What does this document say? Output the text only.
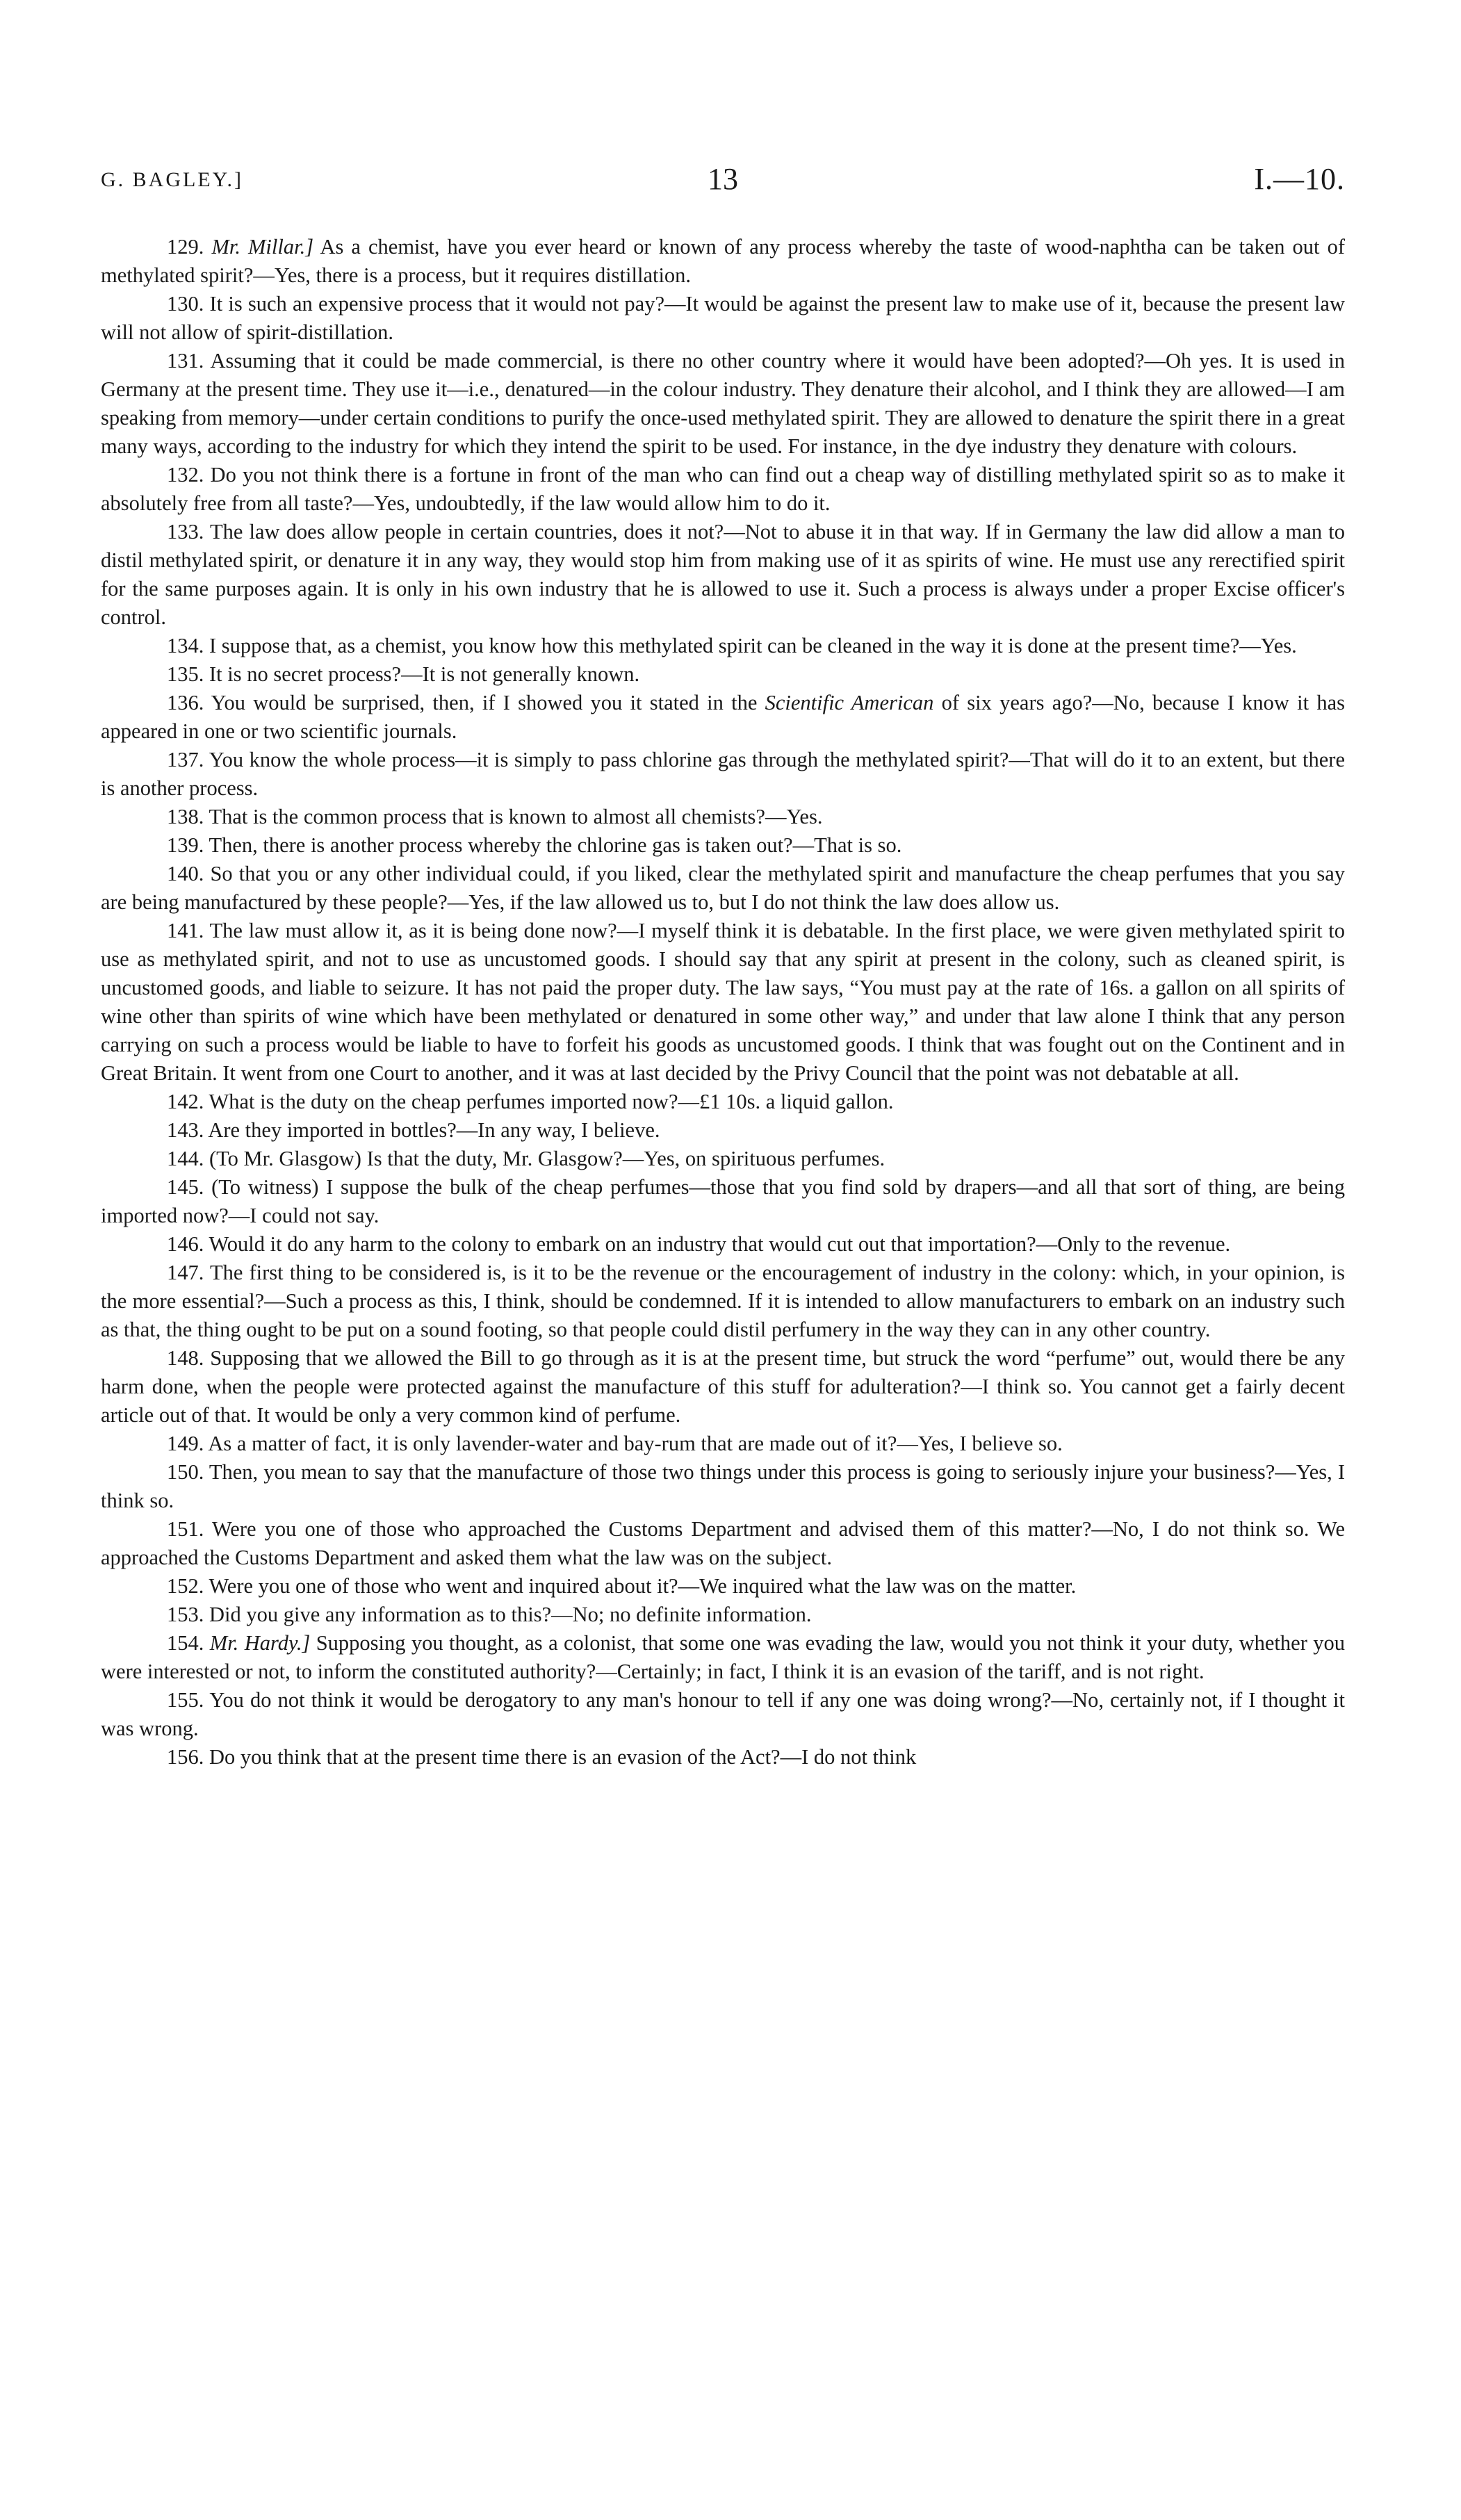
G. BAGLEY.]	13	I.—10.

129. Mr. Millar.] As a chemist, have you ever heard or known of any process whereby the taste of wood-naphtha can be taken out of methylated spirit?—Yes, there is a process, but it requires distillation.

130. It is such an expensive process that it would not pay?—It would be against the present law to make use of it, because the present law will not allow of spirit-distillation.

131. Assuming that it could be made commercial, is there no other country where it would have been adopted?—Oh yes. It is used in Germany at the present time. They use it—i.e., denatured—in the colour industry. They denature their alcohol, and I think they are allowed—I am speaking from memory—under certain conditions to purify the once-used methylated spirit. They are allowed to denature the spirit there in a great many ways, according to the industry for which they intend the spirit to be used. For instance, in the dye industry they denature with colours.

132. Do you not think there is a fortune in front of the man who can find out a cheap way of distilling methylated spirit so as to make it absolutely free from all taste?—Yes, undoubtedly, if the law would allow him to do it.

133. The law does allow people in certain countries, does it not?—Not to abuse it in that way. If in Germany the law did allow a man to distil methylated spirit, or denature it in any way, they would stop him from making use of it as spirits of wine. He must use any rerectified spirit for the same purposes again. It is only in his own industry that he is allowed to use it. Such a process is always under a proper Excise officer's control.

134. I suppose that, as a chemist, you know how this methylated spirit can be cleaned in the way it is done at the present time?—Yes.

135. It is no secret process?—It is not generally known.

136. You would be surprised, then, if I showed you it stated in the Scientific American of six years ago?—No, because I know it has appeared in one or two scientific journals.

137. You know the whole process—it is simply to pass chlorine gas through the methylated spirit?—That will do it to an extent, but there is another process.

138. That is the common process that is known to almost all chemists?—Yes.

139. Then, there is another process whereby the chlorine gas is taken out?—That is so.

140. So that you or any other individual could, if you liked, clear the methylated spirit and manufacture the cheap perfumes that you say are being manufactured by these people?—Yes, if the law allowed us to, but I do not think the law does allow us.

141. The law must allow it, as it is being done now?—I myself think it is debatable. In the first place, we were given methylated spirit to use as methylated spirit, and not to use as uncustomed goods. I should say that any spirit at present in the colony, such as cleaned spirit, is uncustomed goods, and liable to seizure. It has not paid the proper duty. The law says, “You must pay at the rate of 16s. a gallon on all spirits of wine other than spirits of wine which have been methylated or denatured in some other way,” and under that law alone I think that any person carrying on such a process would be liable to have to forfeit his goods as uncustomed goods. I think that was fought out on the Continent and in Great Britain. It went from one Court to another, and it was at last decided by the Privy Council that the point was not debatable at all.

142. What is the duty on the cheap perfumes imported now?—£1 10s. a liquid gallon.

143. Are they imported in bottles?—In any way, I believe.

144. (To Mr. Glasgow) Is that the duty, Mr. Glasgow?—Yes, on spirituous perfumes.

145. (To witness) I suppose the bulk of the cheap perfumes—those that you find sold by drapers—and all that sort of thing, are being imported now?—I could not say.

146. Would it do any harm to the colony to embark on an industry that would cut out that importation?—Only to the revenue.

147. The first thing to be considered is, is it to be the revenue or the encouragement of industry in the colony: which, in your opinion, is the more essential?—Such a process as this, I think, should be condemned. If it is intended to allow manufacturers to embark on an industry such as that, the thing ought to be put on a sound footing, so that people could distil perfumery in the way they can in any other country.

148. Supposing that we allowed the Bill to go through as it is at the present time, but struck the word “perfume” out, would there be any harm done, when the people were protected against the manufacture of this stuff for adulteration?—I think so. You cannot get a fairly decent article out of that. It would be only a very common kind of perfume.

149. As a matter of fact, it is only lavender-water and bay-rum that are made out of it?—Yes, I believe so.

150. Then, you mean to say that the manufacture of those two things under this process is going to seriously injure your business?—Yes, I think so.

151. Were you one of those who approached the Customs Department and advised them of this matter?—No, I do not think so. We approached the Customs Department and asked them what the law was on the subject.

152. Were you one of those who went and inquired about it?—We inquired what the law was on the matter.

153. Did you give any information as to this?—No; no definite information.

154. Mr. Hardy.] Supposing you thought, as a colonist, that some one was evading the law, would you not think it your duty, whether you were interested or not, to inform the constituted authority?—Certainly; in fact, I think it is an evasion of the tariff, and is not right.

155. You do not think it would be derogatory to any man's honour to tell if any one was doing wrong?—No, certainly not, if I thought it was wrong.

156. Do you think that at the present time there is an evasion of the Act?—I do not think
